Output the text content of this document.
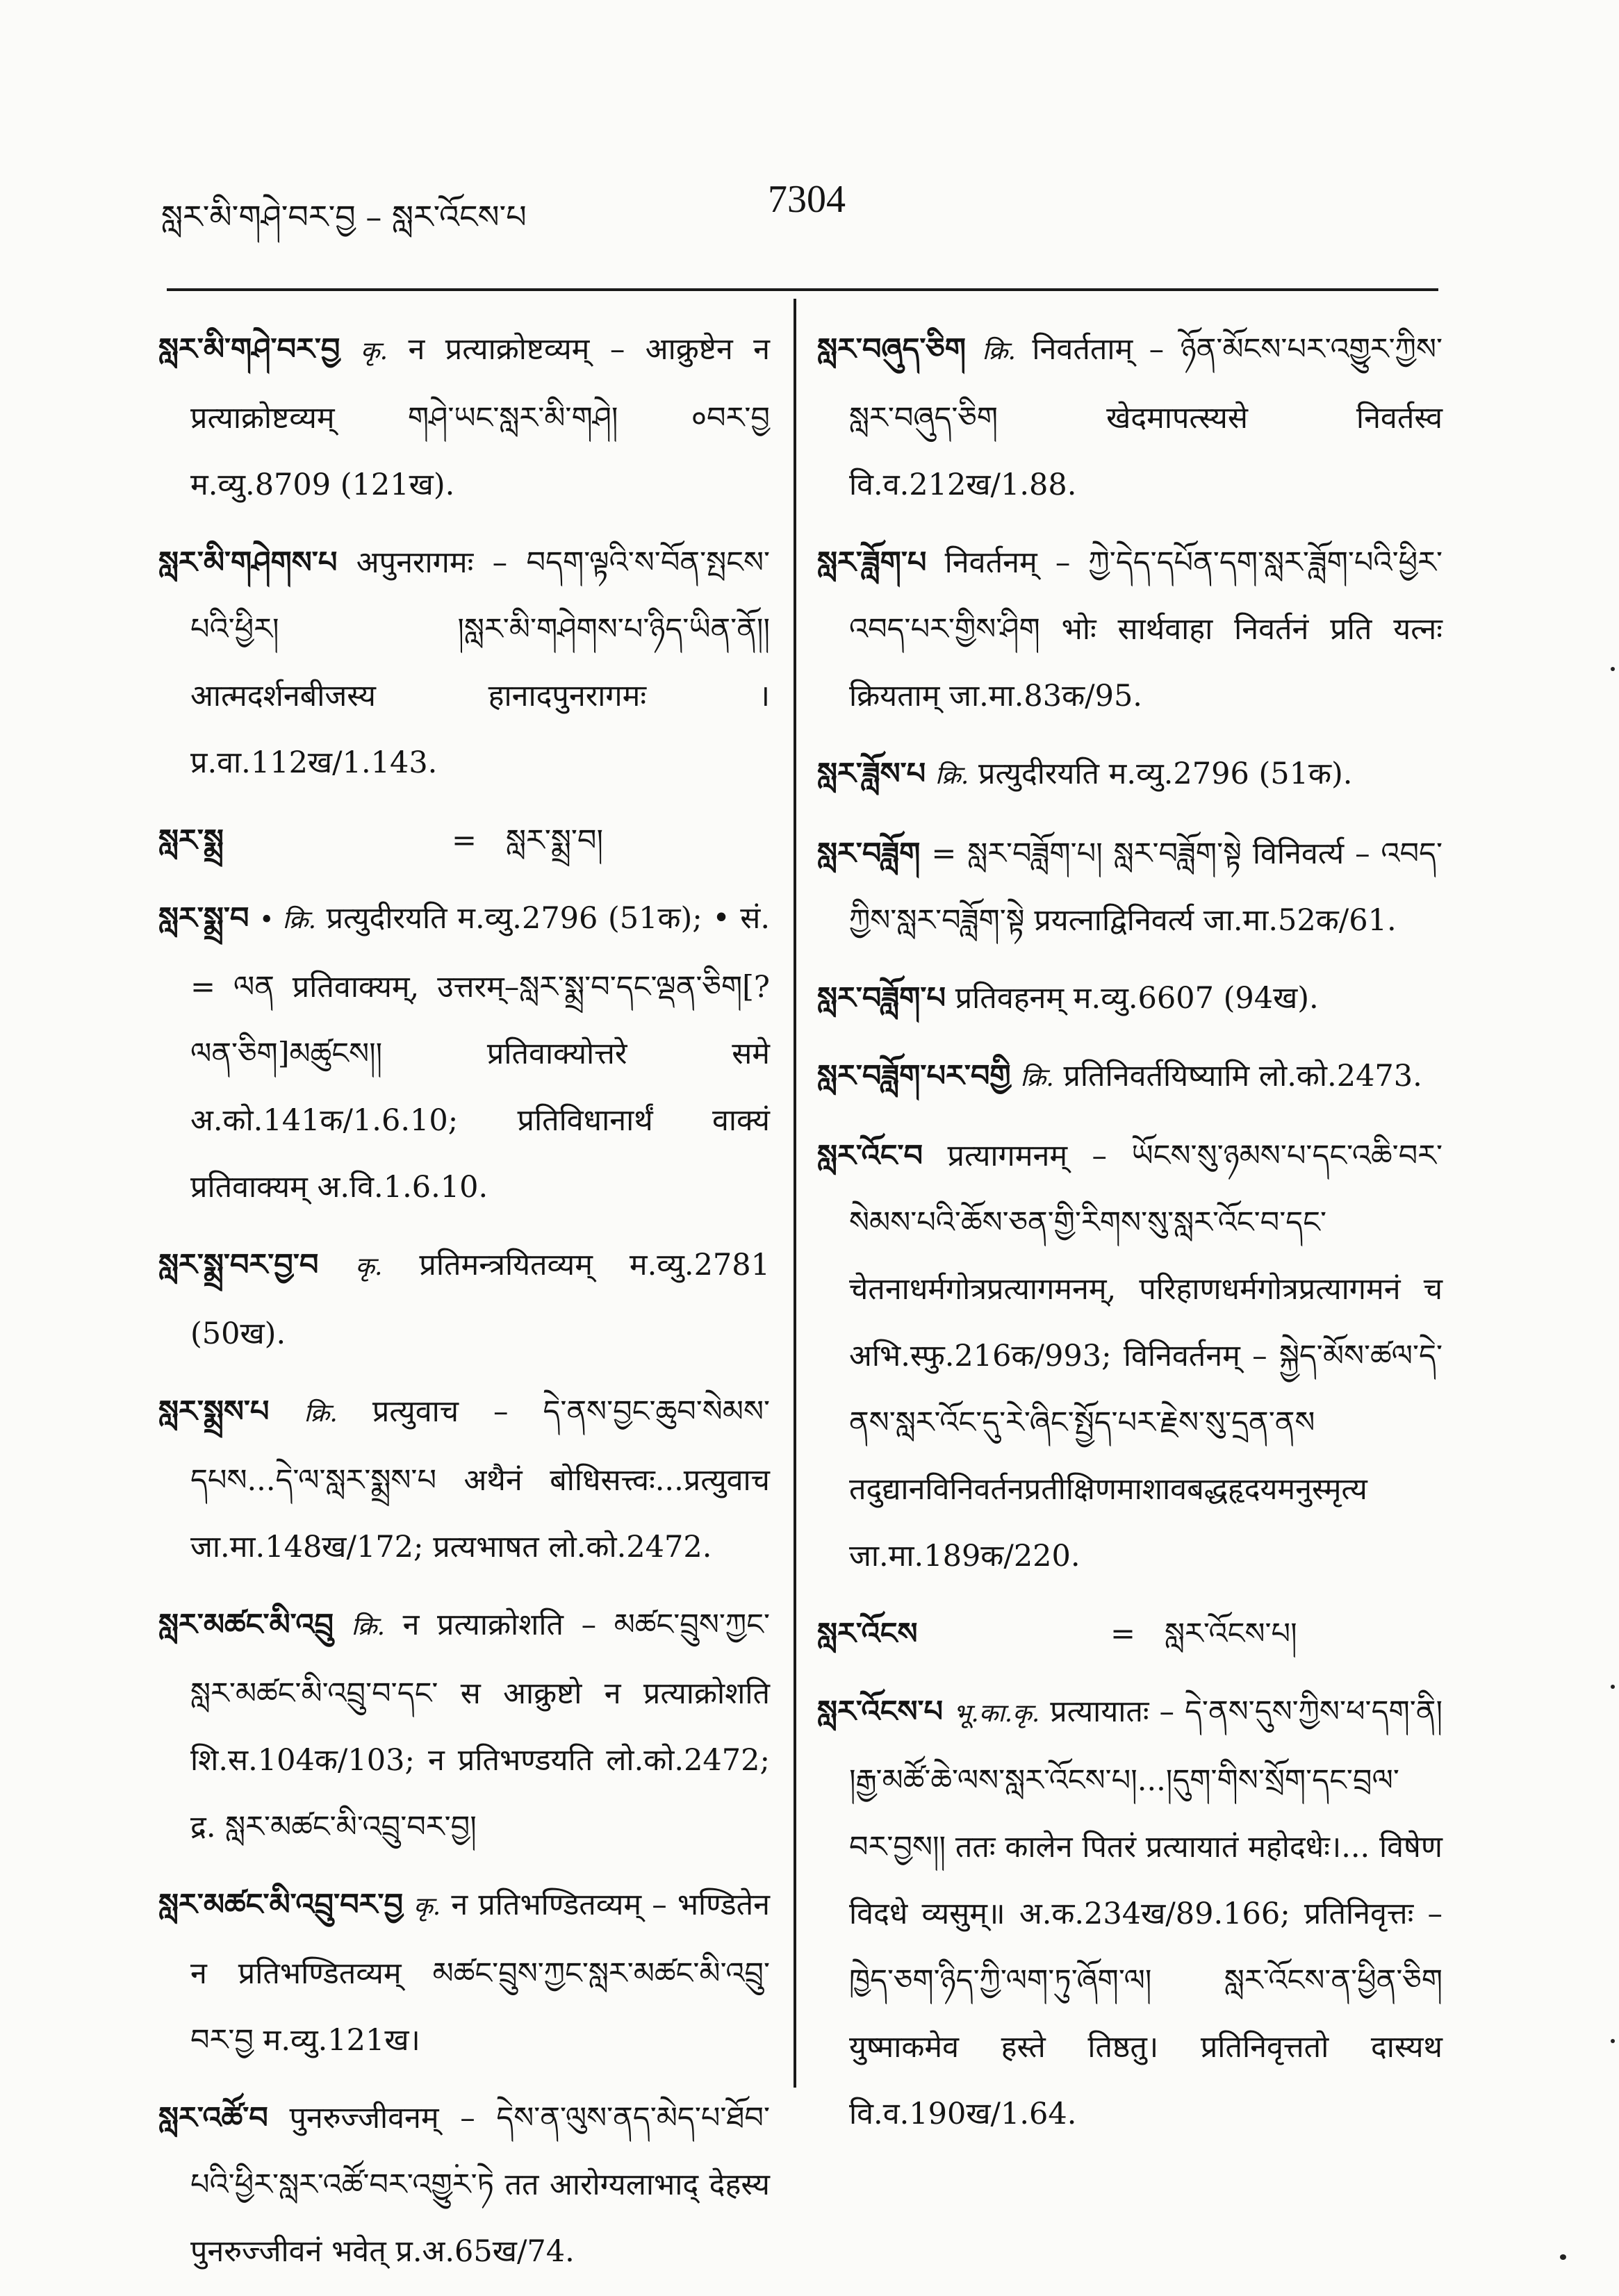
སླར་མི་གཤེ་བར་བྱ – སླར་འོངས་པ	7304
སླར་མི་གཤེ་བར་བྱ कृ. न प्रत्याक्रोष्टव्यम् – आक्रुष्टेन न प्रत्याक्रोष्टव्यम् གཤེ་ཡང་སླར་མི་གཤེ། ०བར་བྱ म.व्यु.8709 (121ख).
སླར་མི་གཤེགས་པ अपुनरागमः – བདག་ལྟའི་ས་བོན་སྤངས་པའི་ཕྱིར། །སླར་མི་གཤེགས་པ་ཉིད་ཡིན་ནོ།། आत्मदर्शनबीजस्य हानादपुनरागमः । प्र.वा.112ख/1.143.
སླར་སྨྲ	= སླར་སྨྲ་བ།
སླར་སྨྲ་བ • क्रि. प्रत्युदीरयति म.व्यु.2796 (51क); • सं. = ལན प्रतिवाक्यम्, उत्तरम्–སླར་སྨྲ་བ་དང་ལྡན་ཅིག[? ལན་ཅིག]མཚུངས།། प्रतिवाक्योत्तरे समे अ.को.141क/1.6.10; प्रतिविधानार्थं वाक्यं प्रतिवाक्यम् अ.वि.1.6.10.
སླར་སྨྲ་བར་བྱ་བ कृ. प्रतिमन्त्रयितव्यम् म.व्यु.2781 (50ख).
སླར་སྨྲས་པ क्रि. प्रत्युवाच – དེ་ནས་བྱང་ཆུབ་སེམས་དཔས...དེ་ལ་སླར་སྨྲས་པ अथैनं बोधिसत्त्वः...प्रत्युवाच जा.मा.148ख/172; प्रत्यभाषत लो.को.2472.
སླར་མཚང་མི་འབྲུ क्रि. न प्रत्याक्रोशति – མཚང་བྲུས་ཀྱང་སླར་མཚང་མི་འབྲུ་བ་དང་ स आक्रुष्टो न प्रत्याक्रोशति शि.स.104क/103; न प्रतिभण्डयति लो.को.2472; द्र. སླར་མཚང་མི་འབྲུ་བར་བྱ།
སླར་མཚང་མི་འབྲུ་བར་བྱ कृ. न प्रतिभण्डितव्यम् – भण्डितेन न प्रतिभण्डितव्यम् མཚང་བྲུས་ཀྱང་སླར་མཚང་མི་འབྲུ་བར་བྱ म.व्यु.121ख।
སླར་འཚོ་བ पुनरुज्जीवनम् – དེས་ན་ལུས་ནད་མེད་པ་ཐོབ་པའི་ཕྱིར་སླར་འཚོ་བར་འགྱུར་ཏེ तत आरोग्यलाभाद् देहस्य पुनरुज्जीवनं भवेत् प्र.अ.65ख/74.
སླར་བཞུད་ཅིག क्रि. निवर्तताम् – ཉོན་མོངས་པར་འགྱུར་ཀྱིས་སླར་བཞུད་ཅིག खेदमापत्स्यसे निवर्तस्व वि.व.212ख/1.88.
སླར་ཟློག་པ निवर्तनम् – ཀྱེ་དེད་དཔོན་དག་སླར་ཟློག་པའི་ཕྱིར་འབད་པར་གྱིས་ཤིག भोः सार्थवाहा निवर्तनं प्रति यत्नः क्रियताम् जा.मा.83क/95.
སླར་ཟློས་པ क्रि. प्रत्युदीरयति म.व्यु.2796 (51क).
སླར་བཟློག = སླར་བཟློག་པ། སླར་བཟློག་སྟེ विनिवर्त्य – འབད་ཀྱིས་སླར་བཟློག་སྟེ प्रयत्नाद्विनिवर्त्य जा.मा.52क/61.
སླར་བཟློག་པ प्रतिवहनम् म.व्यु.6607 (94ख).
སླར་བཟློག་པར་བགྱི क्रि. प्रतिनिवर्तयिष्यामि लो.को.2473.
སླར་འོང་བ प्रत्यागमनम् – ཡོངས་སུ་ཉམས་པ་དང་འཆི་བར་སེམས་པའི་ཆོས་ཅན་གྱི་རིགས་སུ་སླར་འོང་བ་དང་ चेतनाधर्मगोत्रप्रत्यागमनम्, परिहाणधर्मगोत्रप्रत्यागमनं च अभि.स्फु.216क/993; विनिवर्तनम् – སྐྱེད་མོས་ཚལ་དེ་ནས་སླར་འོང་དུ་རེ་ཞིང་སྤྱོད་པར་རྗེས་སུ་དྲན་ནས तदुद्यानविनिवर्तनप्रतीक्षिणमाशावबद्धहृदयमनुस्मृत्य जा.मा.189क/220.
སླར་འོངས	= སླར་འོངས་པ།
སླར་འོངས་པ भू.का.कृ. प्रत्यायातः – དེ་ནས་དུས་ཀྱིས་ཕ་དག་ནི། །རྒྱ་མཚོ་ཆེ་ལས་སླར་འོངས་པ།...།དུག་གིས་སྲོག་དང་བྲལ་བར་བྱས།། ततः कालेन पितरं प्रत्यायातं महोदधेः।... विषेण विदधे व्यसुम्॥ अ.क.234ख/89.166; प्रतिनिवृत्तः – ཁྱེད་ཅག་ཉིད་ཀྱི་ལག་ཏུ་ཞོག་ལ། སླར་འོངས་ན་ཕྱིན་ཅིག युष्माकमेव हस्ते तिष्ठतु। प्रतिनिवृत्ततो दास्यथ वि.व.190ख/1.64.
